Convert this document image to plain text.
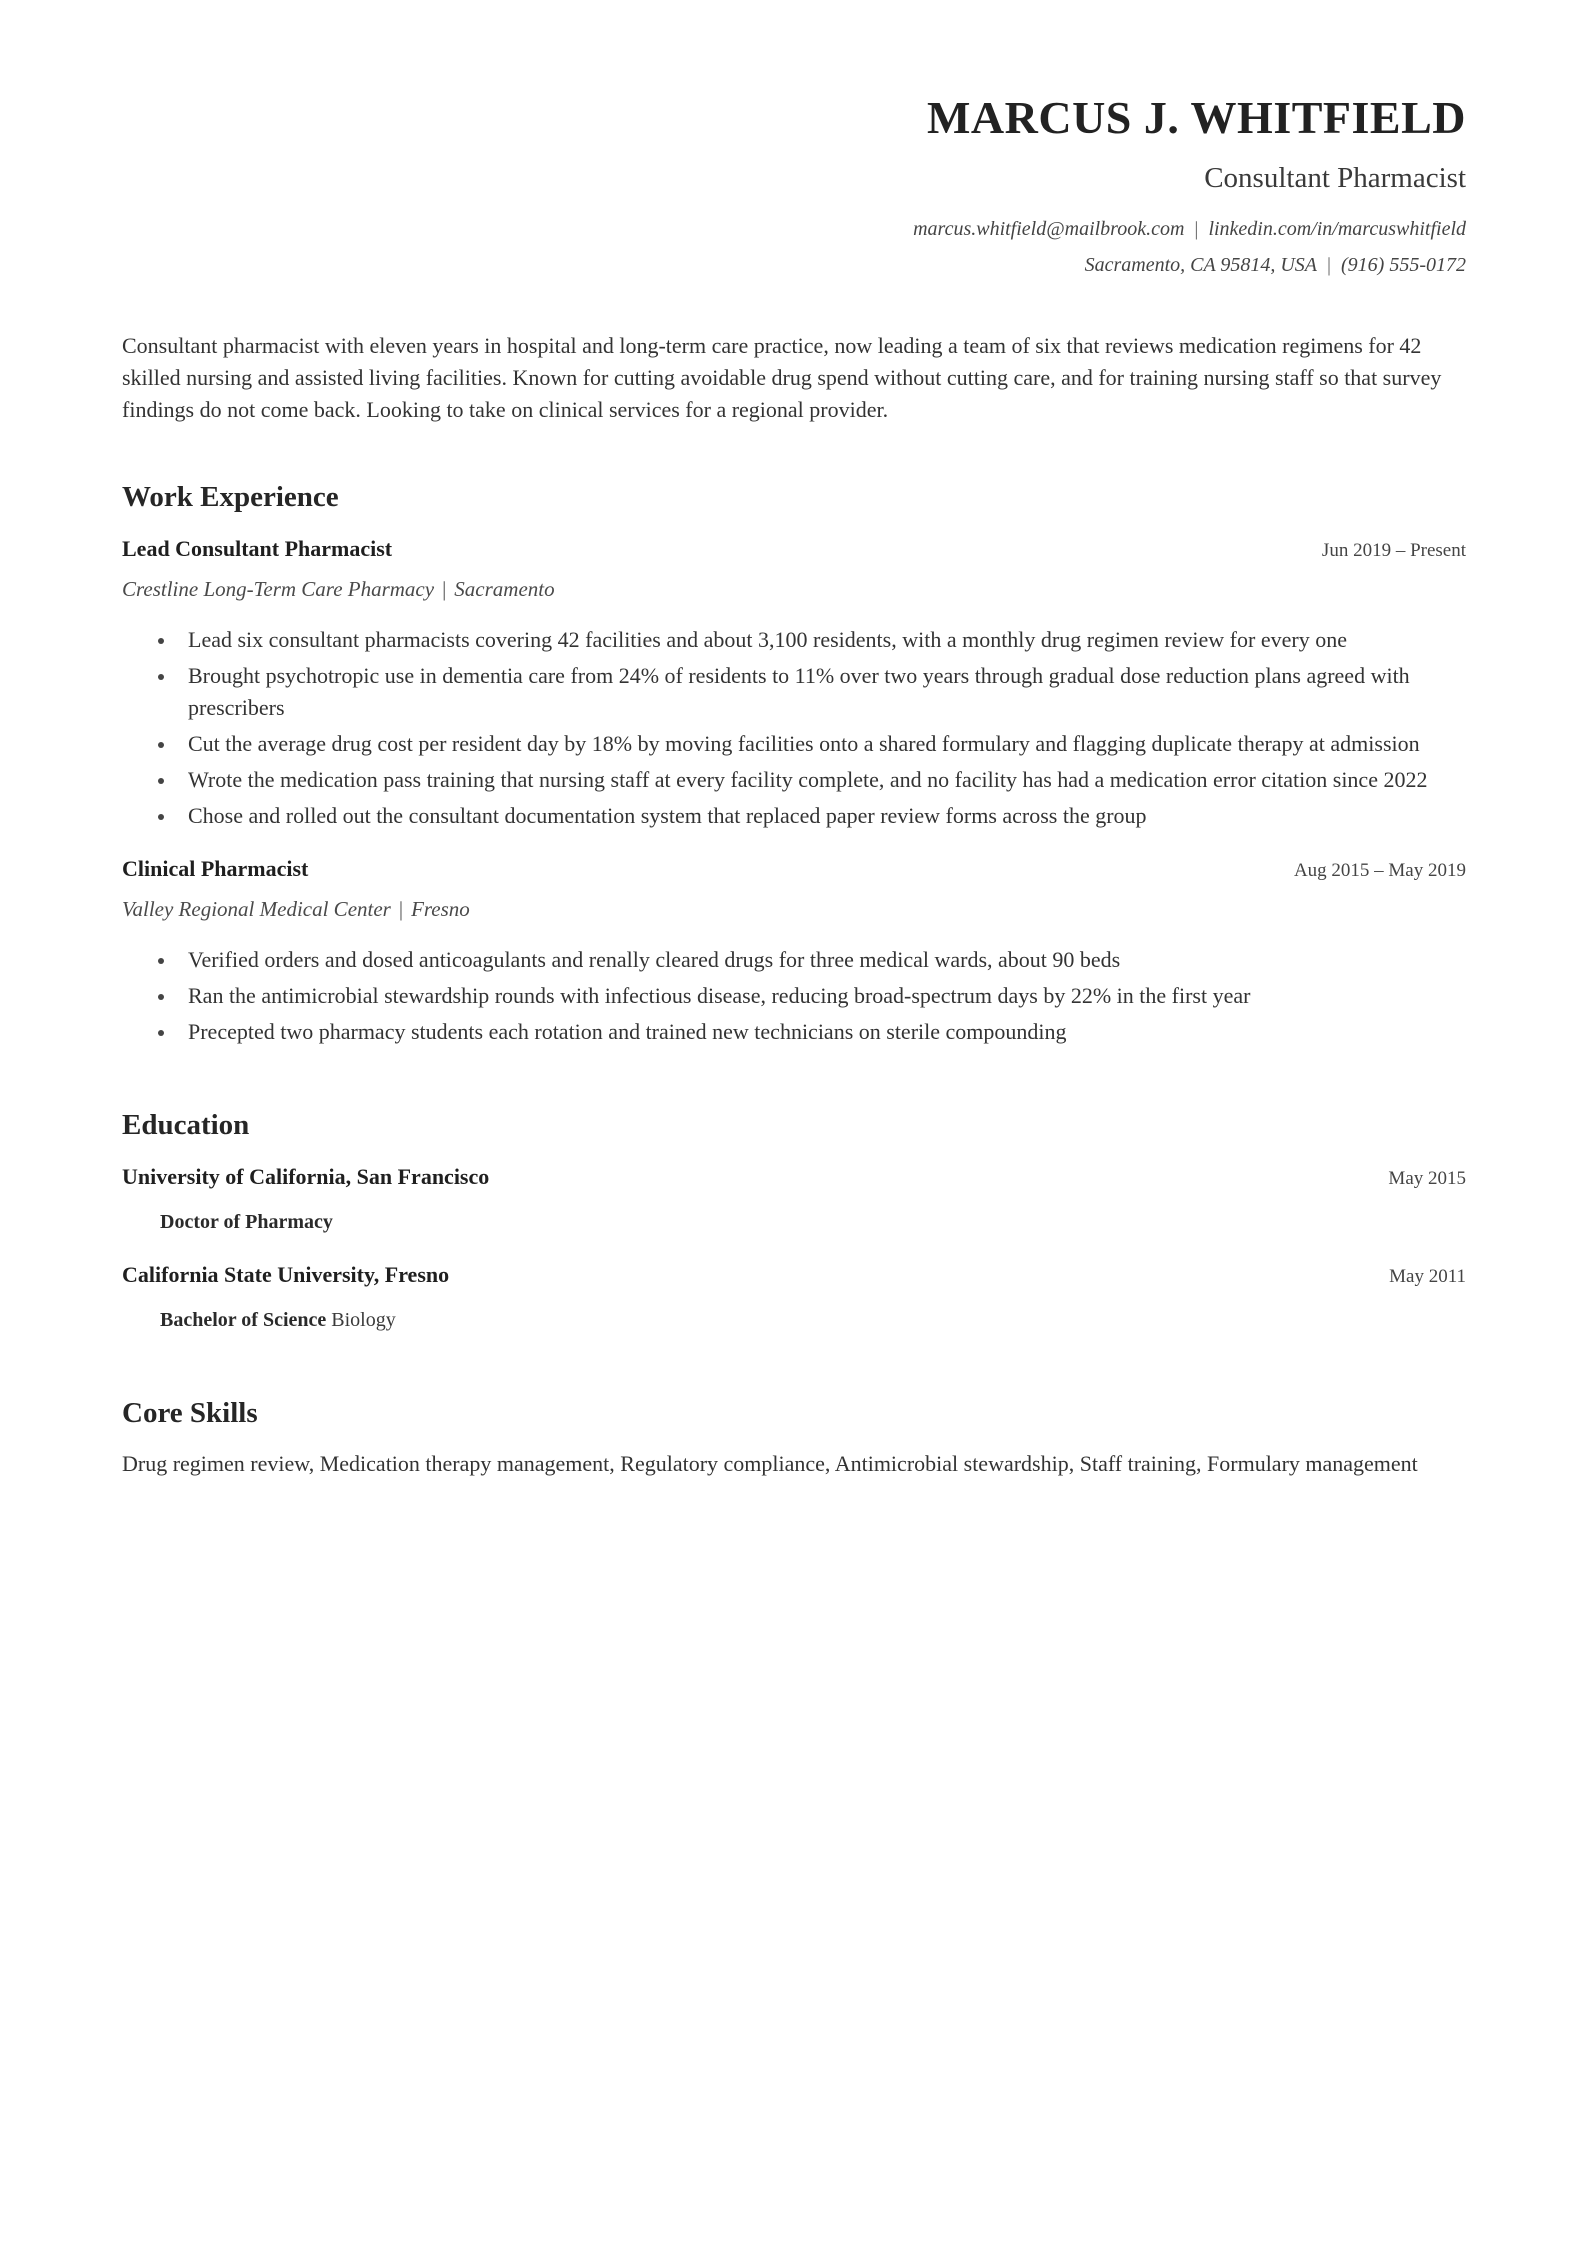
MARCUS J. WHITFIELD
Consultant Pharmacist
marcus.whitfield@mailbrook.com | linkedin.com/in/marcuswhitfield
Sacramento, CA 95814, USA | (916) 555-0172
Consultant pharmacist with eleven years in hospital and long-term care practice, now leading a team of six that reviews medication regimens for 42 skilled nursing and assisted living facilities. Known for cutting avoidable drug spend without cutting care, and for training nursing staff so that survey findings do not come back. Looking to take on clinical services for a regional provider.
Work Experience
Lead Consultant Pharmacist	Jun 2019 – Present
Crestline Long-Term Care Pharmacy | Sacramento
Lead six consultant pharmacists covering 42 facilities and about 3,100 residents, with a monthly drug regimen review for every one
Brought psychotropic use in dementia care from 24% of residents to 11% over two years through gradual dose reduction plans agreed with prescribers
Cut the average drug cost per resident day by 18% by moving facilities onto a shared formulary and flagging duplicate therapy at admission
Wrote the medication pass training that nursing staff at every facility complete, and no facility has had a medication error citation since 2022
Chose and rolled out the consultant documentation system that replaced paper review forms across the group
Clinical Pharmacist	Aug 2015 – May 2019
Valley Regional Medical Center | Fresno
Verified orders and dosed anticoagulants and renally cleared drugs for three medical wards, about 90 beds
Ran the antimicrobial stewardship rounds with infectious disease, reducing broad-spectrum days by 22% in the first year
Precepted two pharmacy students each rotation and trained new technicians on sterile compounding
Education
University of California, San Francisco	May 2015
Doctor of Pharmacy
California State University, Fresno	May 2011
Bachelor of Science Biology
Core Skills
Drug regimen review, Medication therapy management, Regulatory compliance, Antimicrobial stewardship, Staff training, Formulary management
